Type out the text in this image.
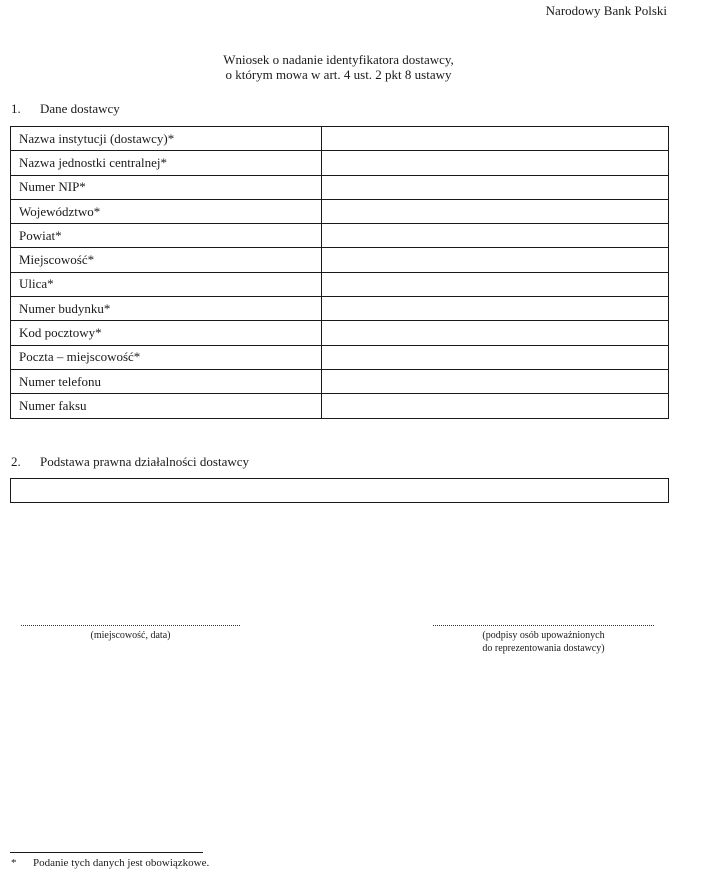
Narodowy Bank Polski
Wniosek o nadanie identyfikatora dostawcy,
o którym mowa w art. 4 ust. 2 pkt 8 ustawy
1. Dane dostawcy
Nazwa instytucji (dostawcy)*	
Nazwa jednostki centralnej*	
Numer NIP*	
Województwo*	
Powiat*	
Miejscowość*	
Ulica*	
Numer budynku*	
Kod pocztowy*	
Poczta – miejscowość*	
Numer telefonu	
Numer faksu	
2. Podstawa prawna działalności dostawcy
(miejscowość, data)	(podpisy osób upoważnionych
do reprezentowania dostawcy)
* Podanie tych danych jest obowiązkowe.
